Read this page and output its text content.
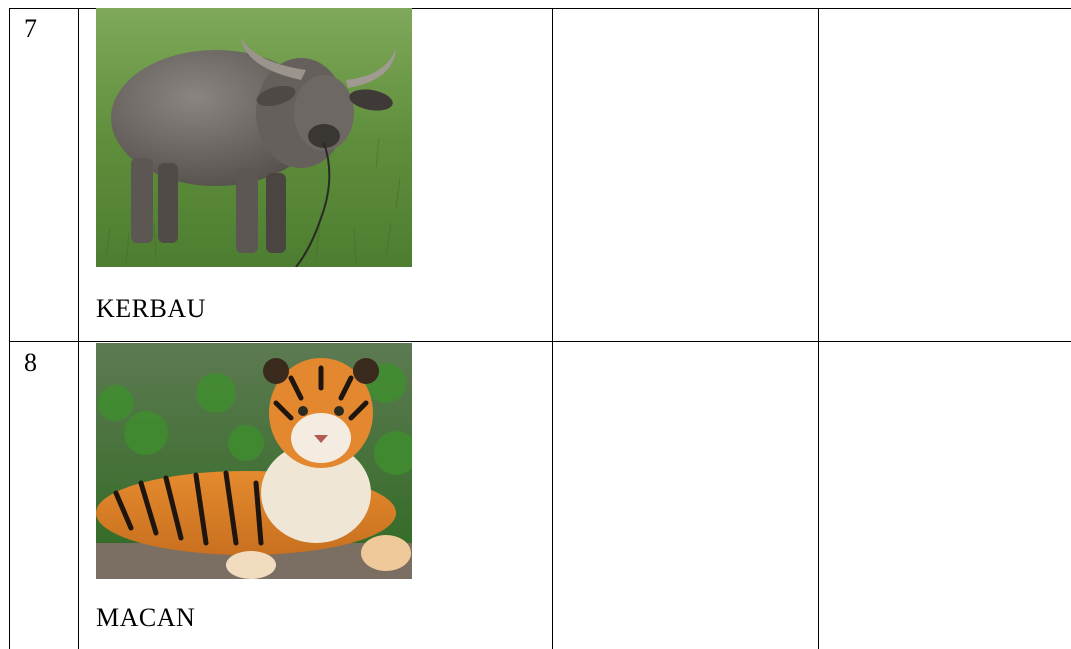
7
KERBAU
8
MACAN
